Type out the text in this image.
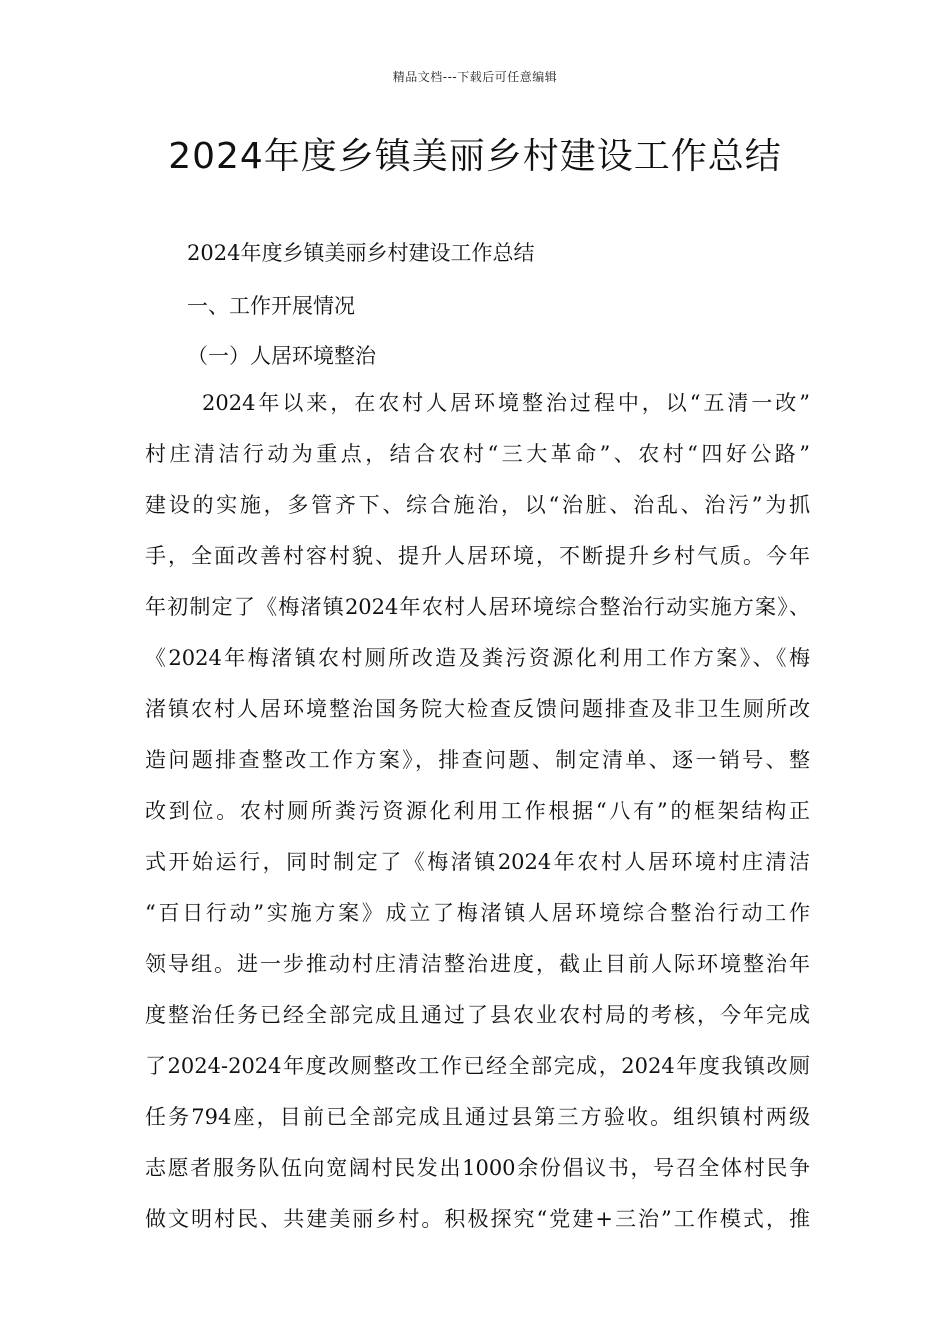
精品文档---下载后可任意编辑
2024年度乡镇美丽乡村建设工作总结

2024年度乡镇美丽乡村建设工作总结

一、工作开展情况

（一）人居环境整治

2024年以来，在农村人居环境整治过程中，以“五清一改”
村庄清洁行动为重点，结合农村“三大革命”、农村“四好公路”
建设的实施，多管齐下、综合施治，以“治脏、治乱、治污”为抓
手，全面改善村容村貌、提升人居环境，不断提升乡村气质。今年
年初制定了《梅渚镇2024年农村人居环境综合整治行动实施方案》、
《2024年梅渚镇农村厕所改造及粪污资源化利用工作方案》、《梅
渚镇农村人居环境整治国务院大检查反馈问题排查及非卫生厕所改
造问题排查整改工作方案》，排查问题、制定清单、逐一销号、整
改到位。农村厕所粪污资源化利用工作根据“八有”的框架结构正
式开始运行，同时制定了《梅渚镇2024年农村人居环境村庄清洁
“百日行动”实施方案》成立了梅渚镇人居环境综合整治行动工作
领导组。进一步推动村庄清洁整治进度，截止目前人际环境整治年
度整治任务已经全部完成且通过了县农业农村局的考核，今年完成
了2024-2024年度改厕整改工作已经全部完成，2024年度我镇改厕
任务794座，目前已全部完成且通过县第三方验收。组织镇村两级
志愿者服务队伍向宽阔村民发出1000余份倡议书，号召全体村民争
做文明村民、共建美丽乡村。积极探究“党建+三治”工作模式，推
